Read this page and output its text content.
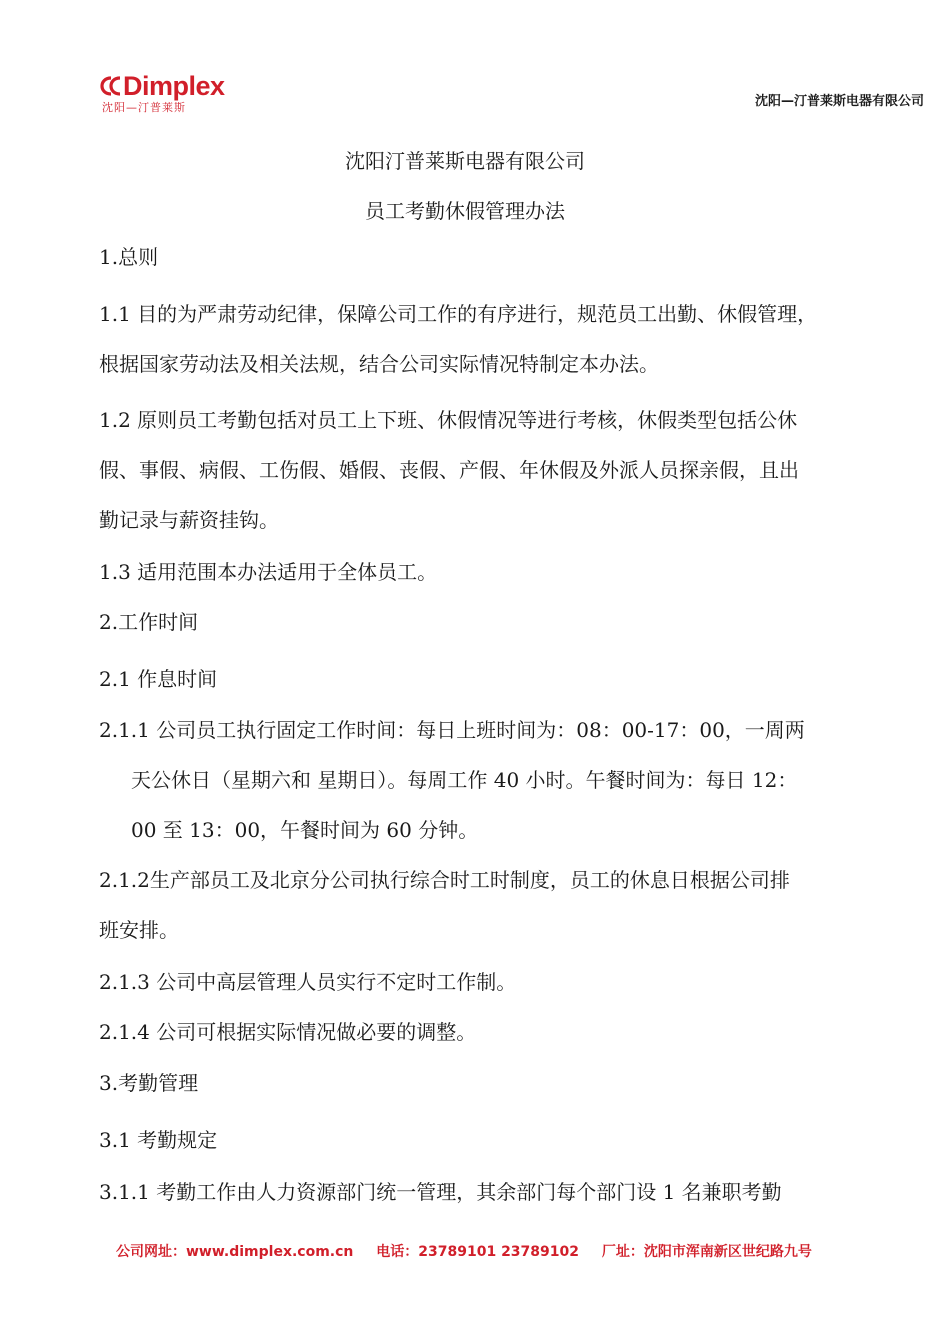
Dimplex
沈阳—汀普莱斯	沈阳—汀普莱斯电器有限公司
沈阳汀普莱斯电器有限公司
员工考勤休假管理办法
1.总则
1.1 目的为严肃劳动纪律，保障公司工作的有序进行，规范员工出勤、休假管理，
根据国家劳动法及相关法规，结合公司实际情况特制定本办法。
1.2 原则员工考勤包括对员工上下班、休假情况等进行考核，休假类型包括公休
假、事假、病假、工伤假、婚假、丧假、产假、年休假及外派人员探亲假，且出
勤记录与薪资挂钩。
1.3 适用范围本办法适用于全体员工。
2.工作时间
2.1 作息时间
2.1.1 公司员工执行固定工作时间：每日上班时间为：08：00-17：00，一周两
天公休日（星期六和 星期日）。每周工作 40 小时。午餐时间为：每日 12：
00 至 13：00，午餐时间为 60 分钟。
2.1.2生产部员工及北京分公司执行综合时工时制度，员工的休息日根据公司排
班安排。
2.1.3 公司中高层管理人员实行不定时工作制。
2.1.4 公司可根据实际情况做必要的调整。
3.考勤管理
3.1 考勤规定
3.1.1 考勤工作由人力资源部门统一管理，其余部门每个部门设 1 名兼职考勤
公司网址：www.dimplex.com.cn 电话：23789101 23789102 厂址：沈阳市浑南新区世纪路九号
